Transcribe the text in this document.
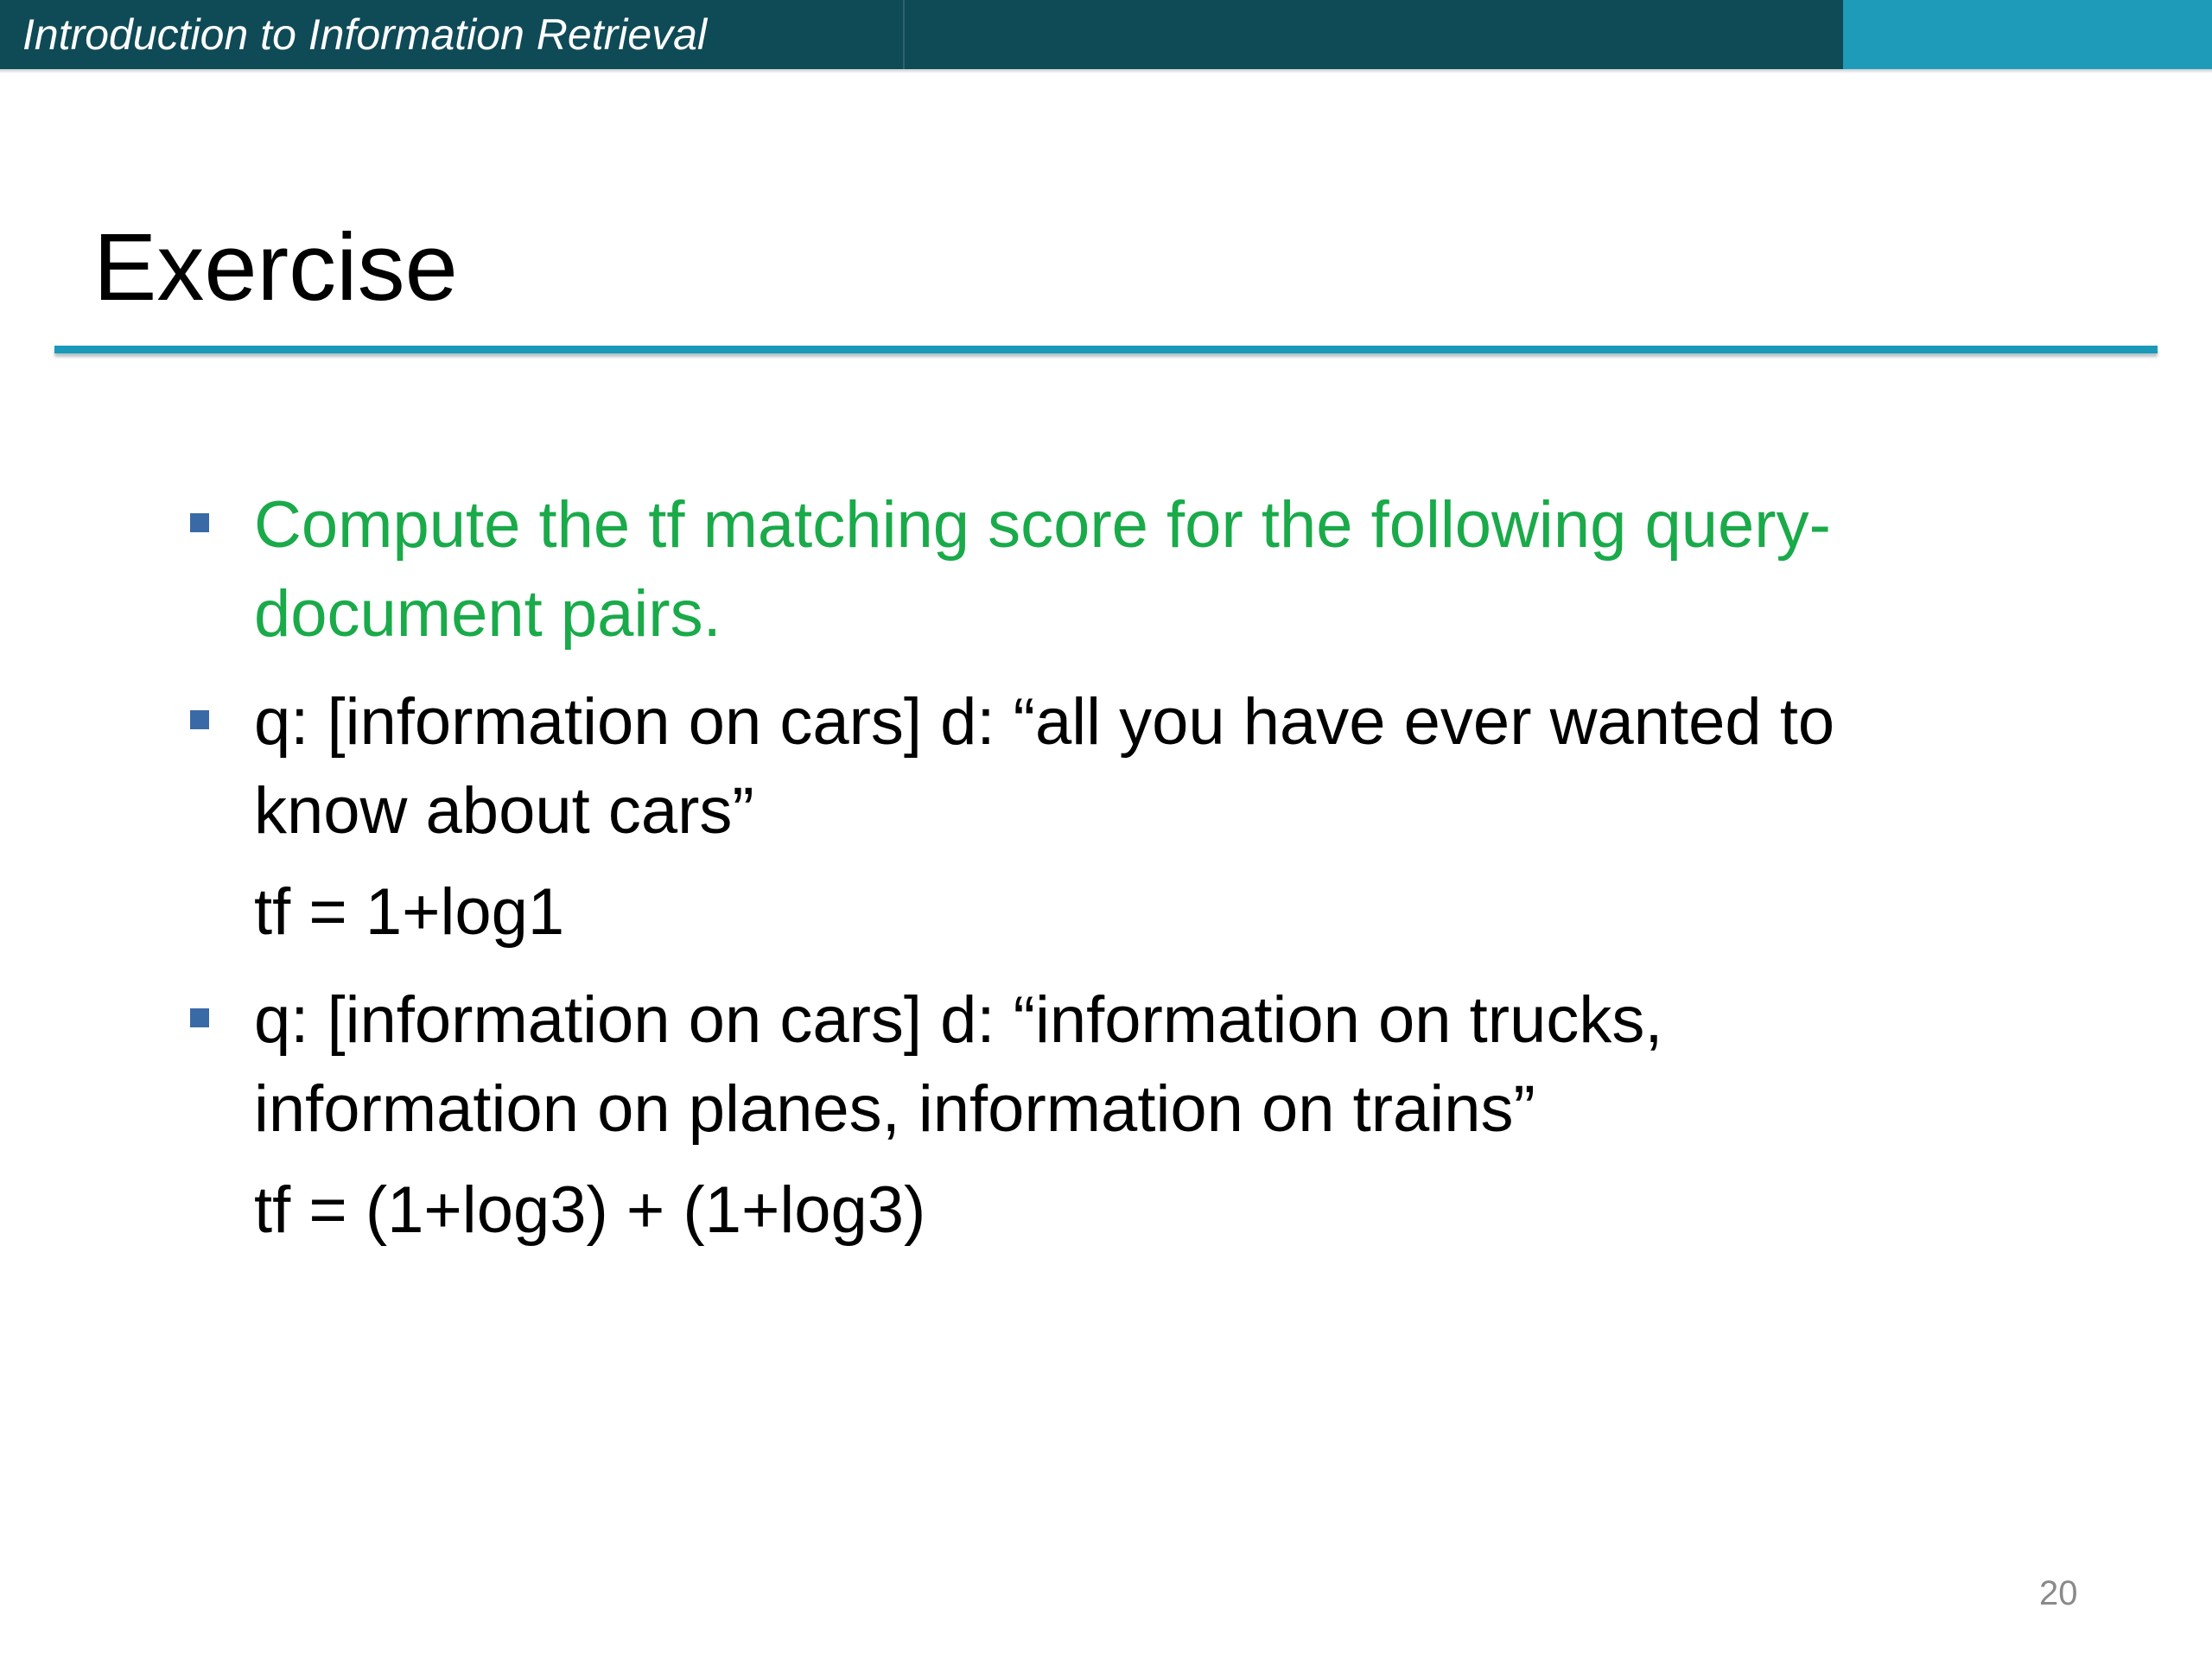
Introduction to Information Retrieval
Exercise
Compute the tf matching score for the following query-document pairs.
q: [information on cars] d: “all you have ever wanted to know about cars”
tf = 1+log1
q: [information on cars] d: “information on trucks, information on planes, information on trains”
tf = (1+log3) + (1+log3)
20
